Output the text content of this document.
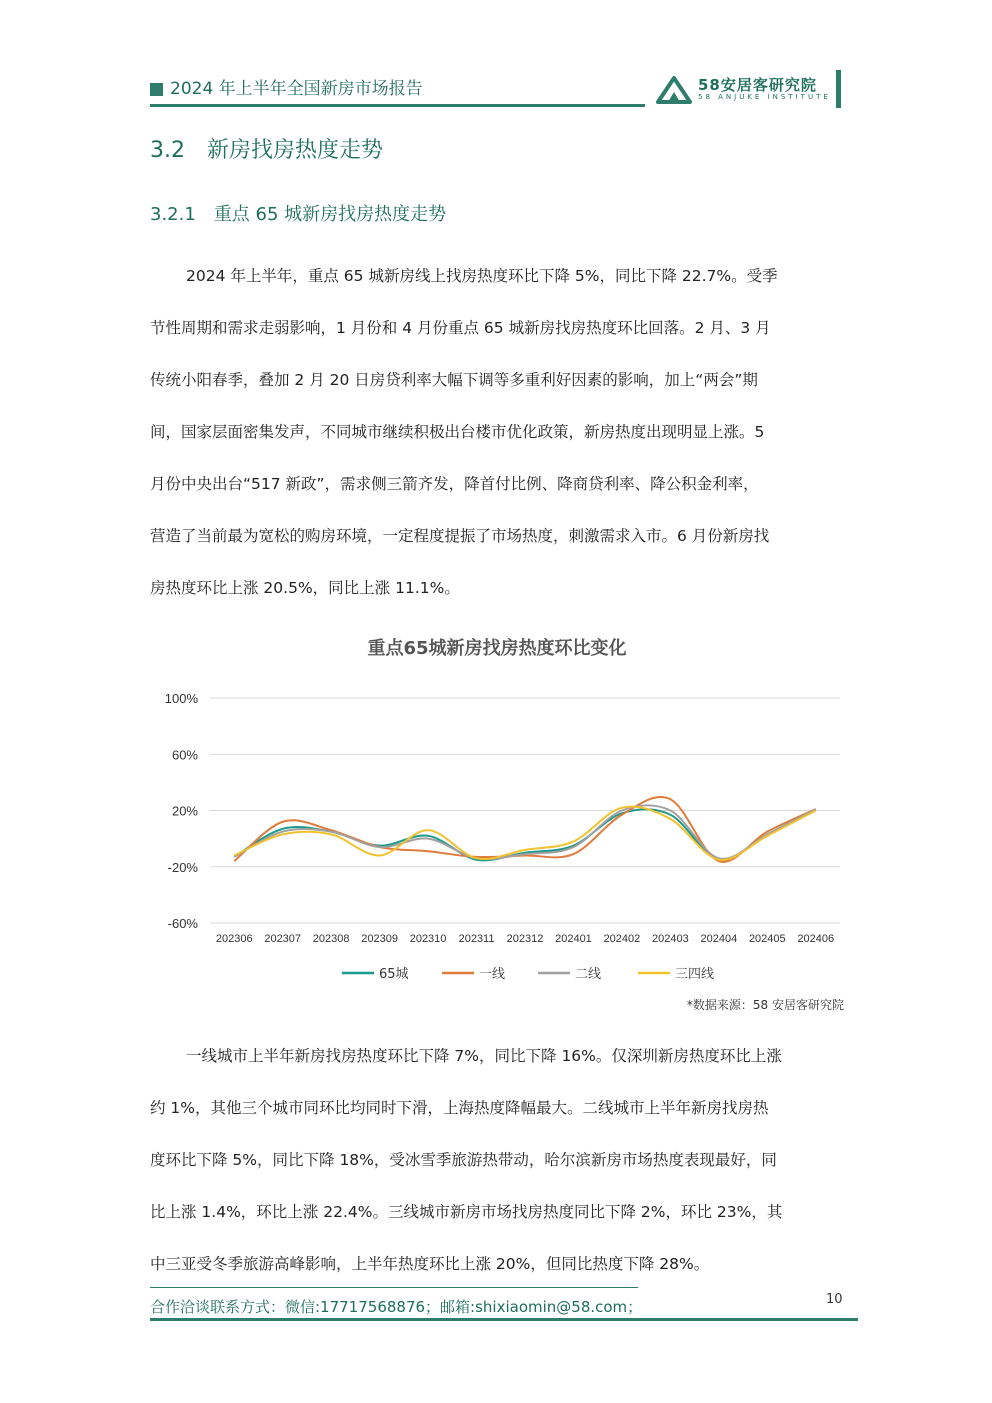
2024 年上半年全国新房市场报告	58安居客研究院
58 ANJUKE INSTITUTE
3.2 新房找房热度走势
3.2.1 重点 65 城新房找房热度走势
2024 年上半年，重点 65 城新房线上找房热度环比下降 5%，同比下降 22.7%。受季
节性周期和需求走弱影响，1 月份和 4 月份重点 65 城新房找房热度环比回落。2 月、3 月
传统小阳春季，叠加 2 月 20 日房贷利率大幅下调等多重利好因素的影响，加上“两会”期
间，国家层面密集发声，不同城市继续积极出台楼市优化政策，新房热度出现明显上涨。5
月份中央出台“517 新政”，需求侧三箭齐发，降首付比例、降商贷利率、降公积金利率，
营造了当前最为宽松的购房环境，一定程度提振了市场热度，刺激需求入市。6 月份新房找
房热度环比上涨 20.5%，同比上涨 11.1%。
重点65城新房找房热度环比变化
100%
60%
20%
-20%
-60%
202306 202307 202308 202309 202310 202311 202312 202401 202402 202403 202404 202405 202406
65城	一线	二线	三四线
*数据来源：58 安居客研究院
一线城市上半年新房找房热度环比下降 7%，同比下降 16%。仅深圳新房热度环比上涨
约 1%，其他三个城市同环比均同时下滑，上海热度降幅最大。二线城市上半年新房找房热
度环比下降 5%，同比下降 18%，受冰雪季旅游热带动，哈尔滨新房市场热度表现最好，同
比上涨 1.4%，环比上涨 22.4%。三线城市新房市场找房热度同比下降 2%，环比 23%，其
中三亚受冬季旅游高峰影响，上半年热度环比上涨 20%，但同比热度下降 28%。
合作洽谈联系方式：微信:17717568876；邮箱:shixiaomin@58.com；	10
